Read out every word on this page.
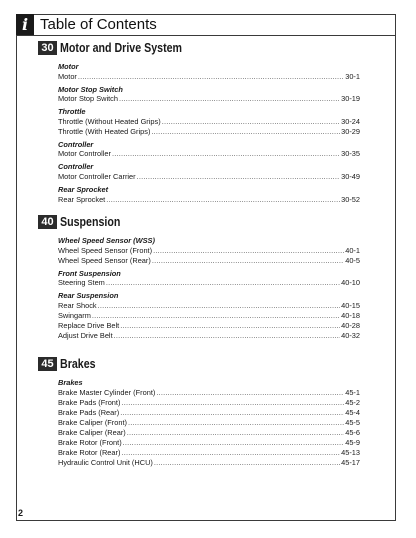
i Table of Contents
30 Motor and Drive System
Motor
Motor .....	30-1
Motor Stop Switch
Motor Stop Switch .....	30-19
Throttle
Throttle (Without Heated Grips) .....	30-24
Throttle (With Heated Grips) .....	30-29
Controller
Motor Controller .....	30-35
Controller
Motor Controller Carrier .....	30-49
Rear Sprocket
Rear Sprocket .....	30-52
40 Suspension
Wheel Speed Sensor (WSS)
Wheel Speed Sensor (Front) .....	40-1
Wheel Speed Sensor (Rear) .....	40-5
Front Suspension
Steering Stem .....	40-10
Rear Suspension
Rear Shock .....	40-15
Swingarm .....	40-18
Replace Drive Belt .....	40-28
Adjust Drive Belt .....	40-32
45 Brakes
Brakes
Brake Master Cylinder (Front) .....	45-1
Brake Pads (Front) .....	45-2
Brake Pads (Rear) .....	45-4
Brake Caliper (Front) .....	45-5
Brake Caliper (Rear) .....	45-6
Brake Rotor (Front) .....	45-9
Brake Rotor (Rear) .....	45-13
Hydraulic Control Unit (HCU) .....	45-17
2
